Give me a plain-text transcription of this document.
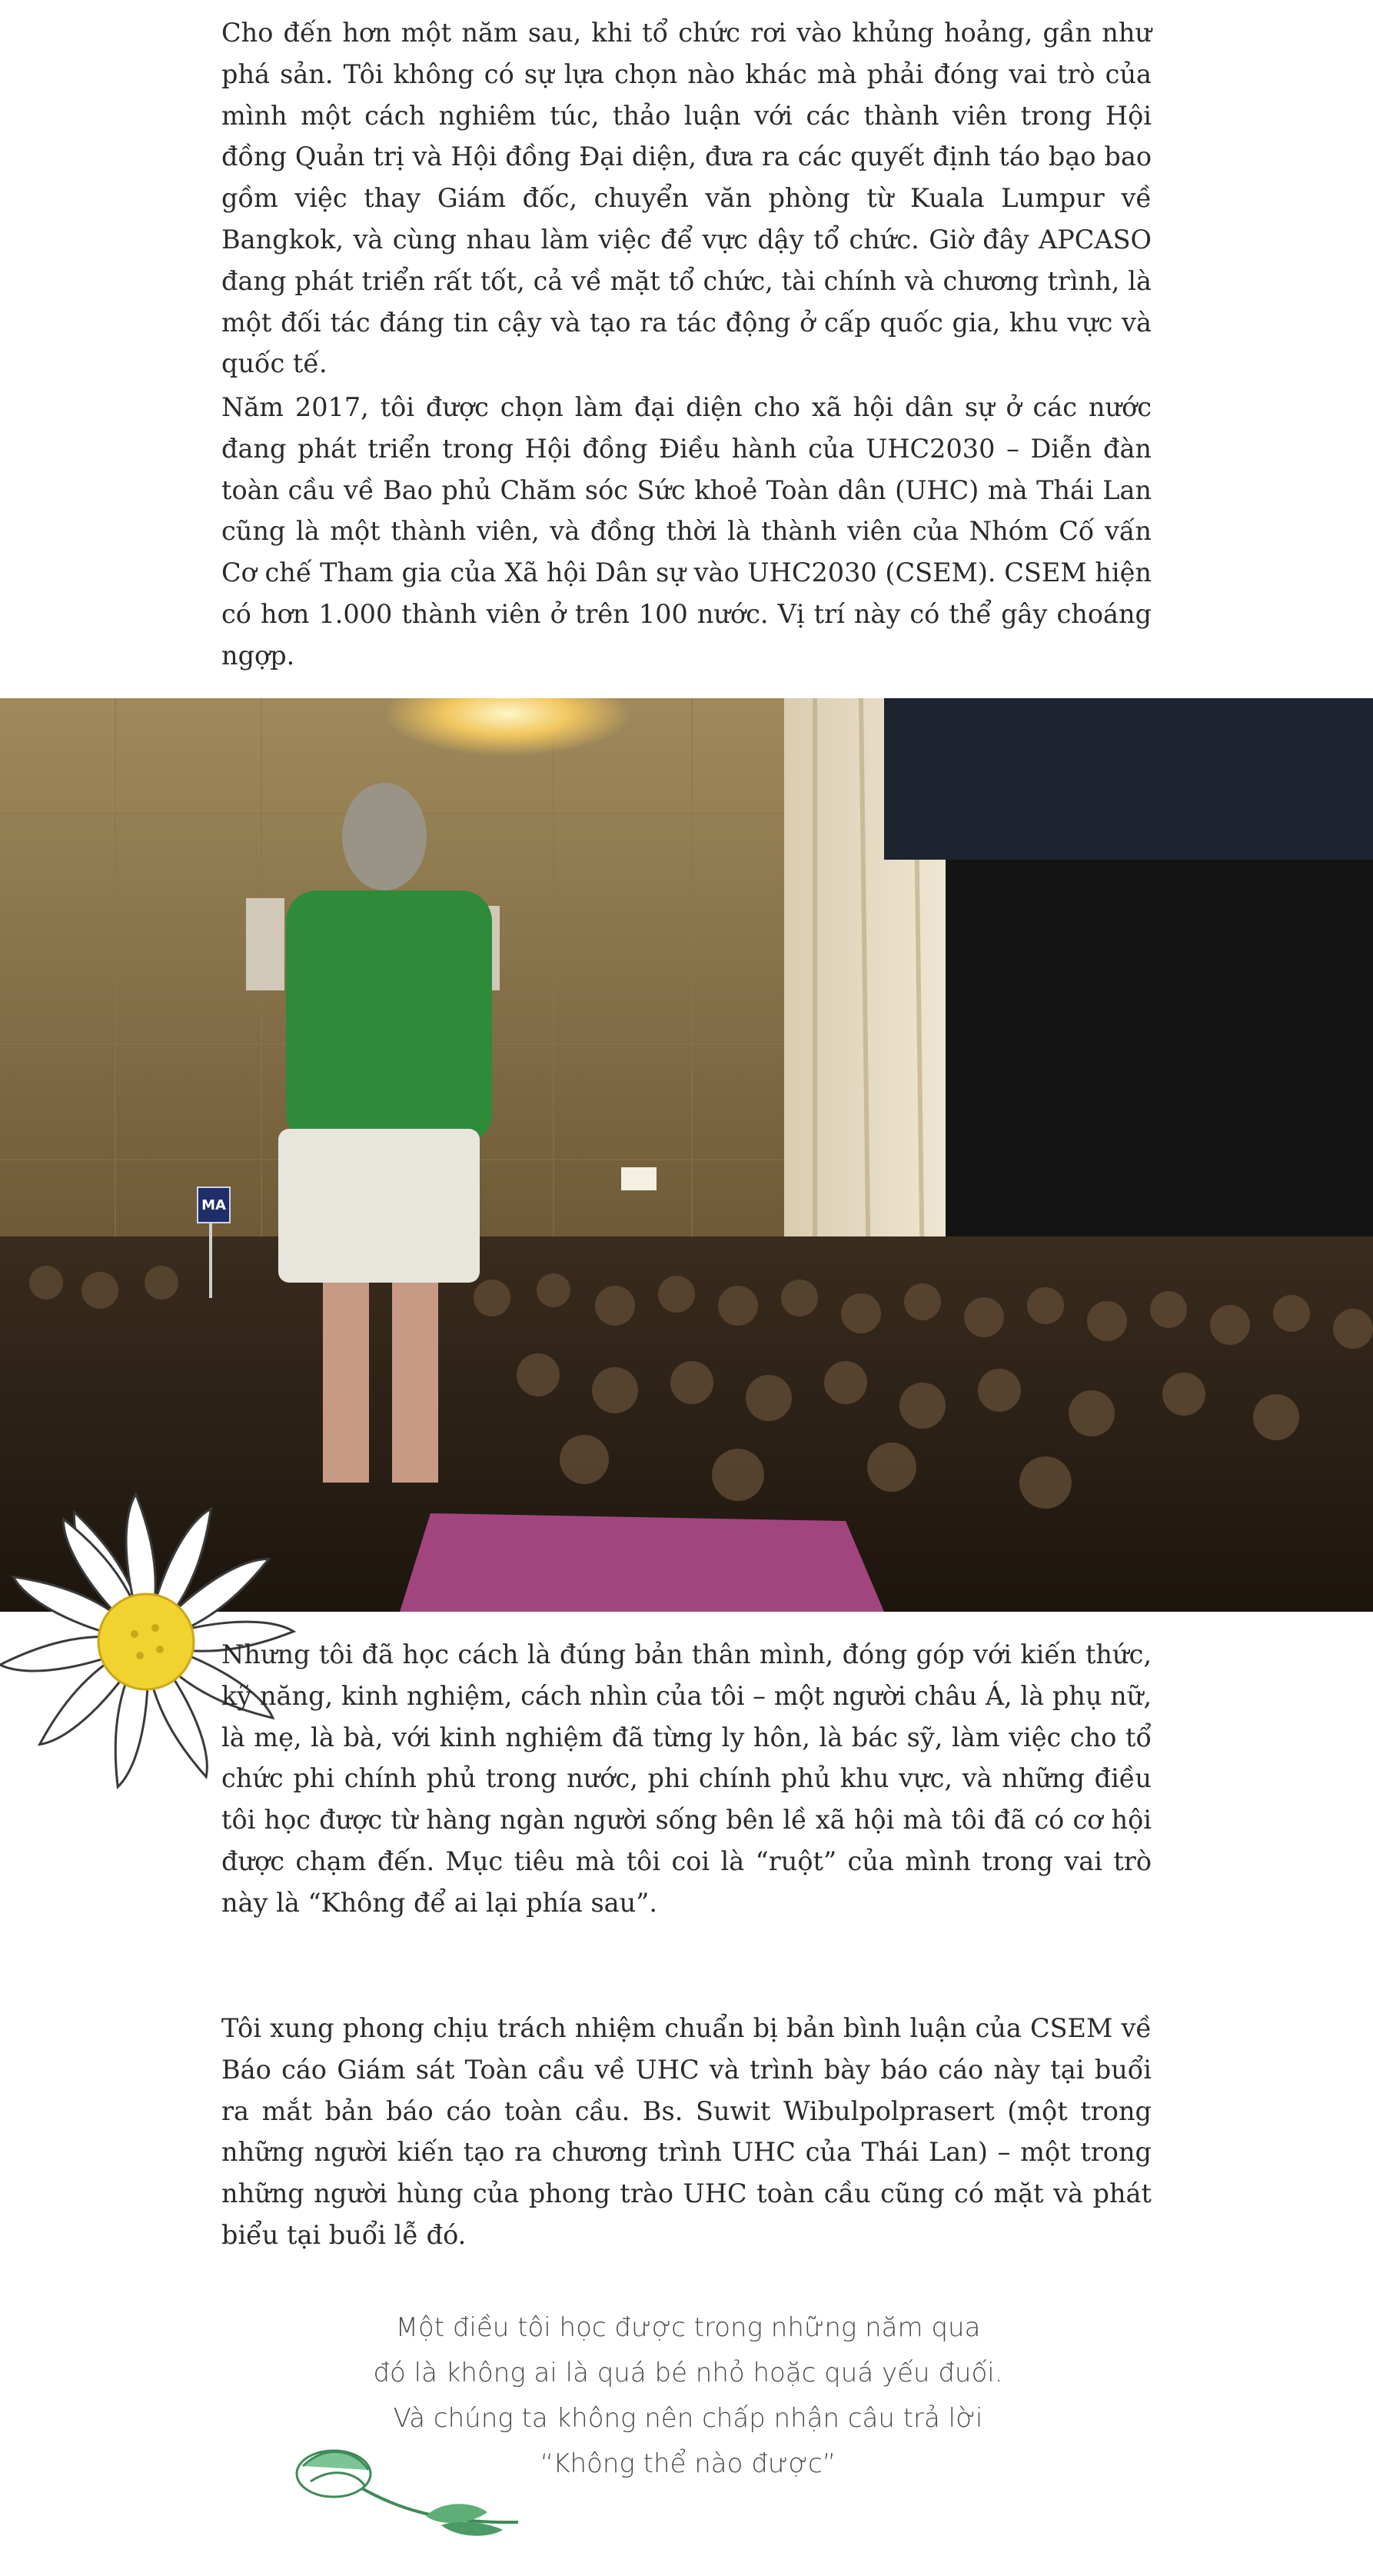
Cho đến hơn một năm sau, khi tổ chức rơi vào khủng hoảng, gần như phá sản. Tôi không có sự lựa chọn nào khác mà phải đóng vai trò của mình một cách nghiêm túc, thảo luận với các thành viên trong Hội đồng Quản trị và Hội đồng Đại diện, đưa ra các quyết định táo bạo bao gồm việc thay Giám đốc, chuyển văn phòng từ Kuala Lumpur về Bangkok, và cùng nhau làm việc để vực dậy tổ chức. Giờ đây APCASO đang phát triển rất tốt, cả về mặt tổ chức, tài chính và chương trình, là một đối tác đáng tin cậy và tạo ra tác động ở cấp quốc gia, khu vực và quốc tế.

Năm 2017, tôi được chọn làm đại diện cho xã hội dân sự ở các nước đang phát triển trong Hội đồng Điều hành của UHC2030 – Diễn đàn toàn cầu về Bao phủ Chăm sóc Sức khoẻ Toàn dân (UHC) mà Thái Lan cũng là một thành viên, và đồng thời là thành viên của Nhóm Cố vấn Cơ chế Tham gia của Xã hội Dân sự vào UHC2030 (CSEM). CSEM hiện có hơn 1.000 thành viên ở trên 100 nước. Vị trí này có thể gây choáng ngợp.

MA

Nhưng tôi đã học cách là đúng bản thân mình, đóng góp với kiến thức, kỹ năng, kinh nghiệm, cách nhìn của tôi – một người châu Á, là phụ nữ, là mẹ, là bà, với kinh nghiệm đã từng ly hôn, là bác sỹ, làm việc cho tổ chức phi chính phủ trong nước, phi chính phủ khu vực, và những điều tôi học được từ hàng ngàn người sống bên lề xã hội mà tôi đã có cơ hội được chạm đến. Mục tiêu mà tôi coi là “ruột” của mình trong vai trò này là “Không để ai lại phía sau”.

Tôi xung phong chịu trách nhiệm chuẩn bị bản bình luận của CSEM về Báo cáo Giám sát Toàn cầu về UHC và trình bày báo cáo này tại buổi ra mắt bản báo cáo toàn cầu. Bs. Suwit Wibulpolprasert (một trong những người kiến tạo ra chương trình UHC của Thái Lan) – một trong những người hùng của phong trào UHC toàn cầu cũng có mặt và phát biểu tại buổi lễ đó.

Một điều tôi học được trong những năm qua
đó là không ai là quá bé nhỏ hoặc quá yếu đuối.
Và chúng ta không nên chấp nhận câu trả lời
“Không thể nào được”
